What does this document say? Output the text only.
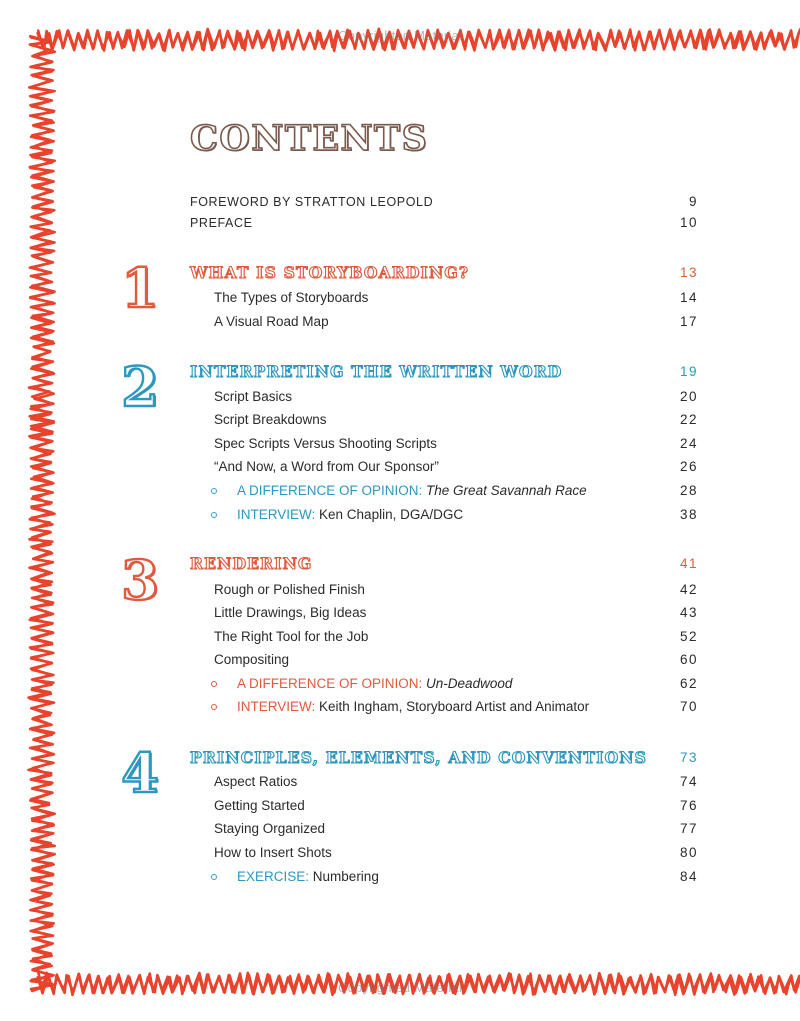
Copyrighted Material
Copyrighted Material
CONTENTS
FOREWORD BY STRATTON LEOPOLD	9
PREFACE	10
1 WHAT IS STORYBOARDING?	13
The Types of Storyboards	14
A Visual Road Map	17
2 INTERPRETING THE WRITTEN WORD	19
Script Basics	20
Script Breakdowns	22
Spec Scripts Versus Shooting Scripts	24
“And Now, a Word from Our Sponsor”	26
A DIFFERENCE OF OPINION: The Great Savannah Race	28
INTERVIEW: Ken Chaplin, DGA/DGC	38
3 RENDERING	41
Rough or Polished Finish	42
Little Drawings, Big Ideas	43
The Right Tool for the Job	52
Compositing	60
A DIFFERENCE OF OPINION: Un-Deadwood	62
INTERVIEW: Keith Ingham, Storyboard Artist and Animator	70
4 PRINCIPLES, ELEMENTS, AND CONVENTIONS 73
Aspect Ratios	74
Getting Started	76
Staying Organized	77
How to Insert Shots	80
EXERCISE: Numbering	84
